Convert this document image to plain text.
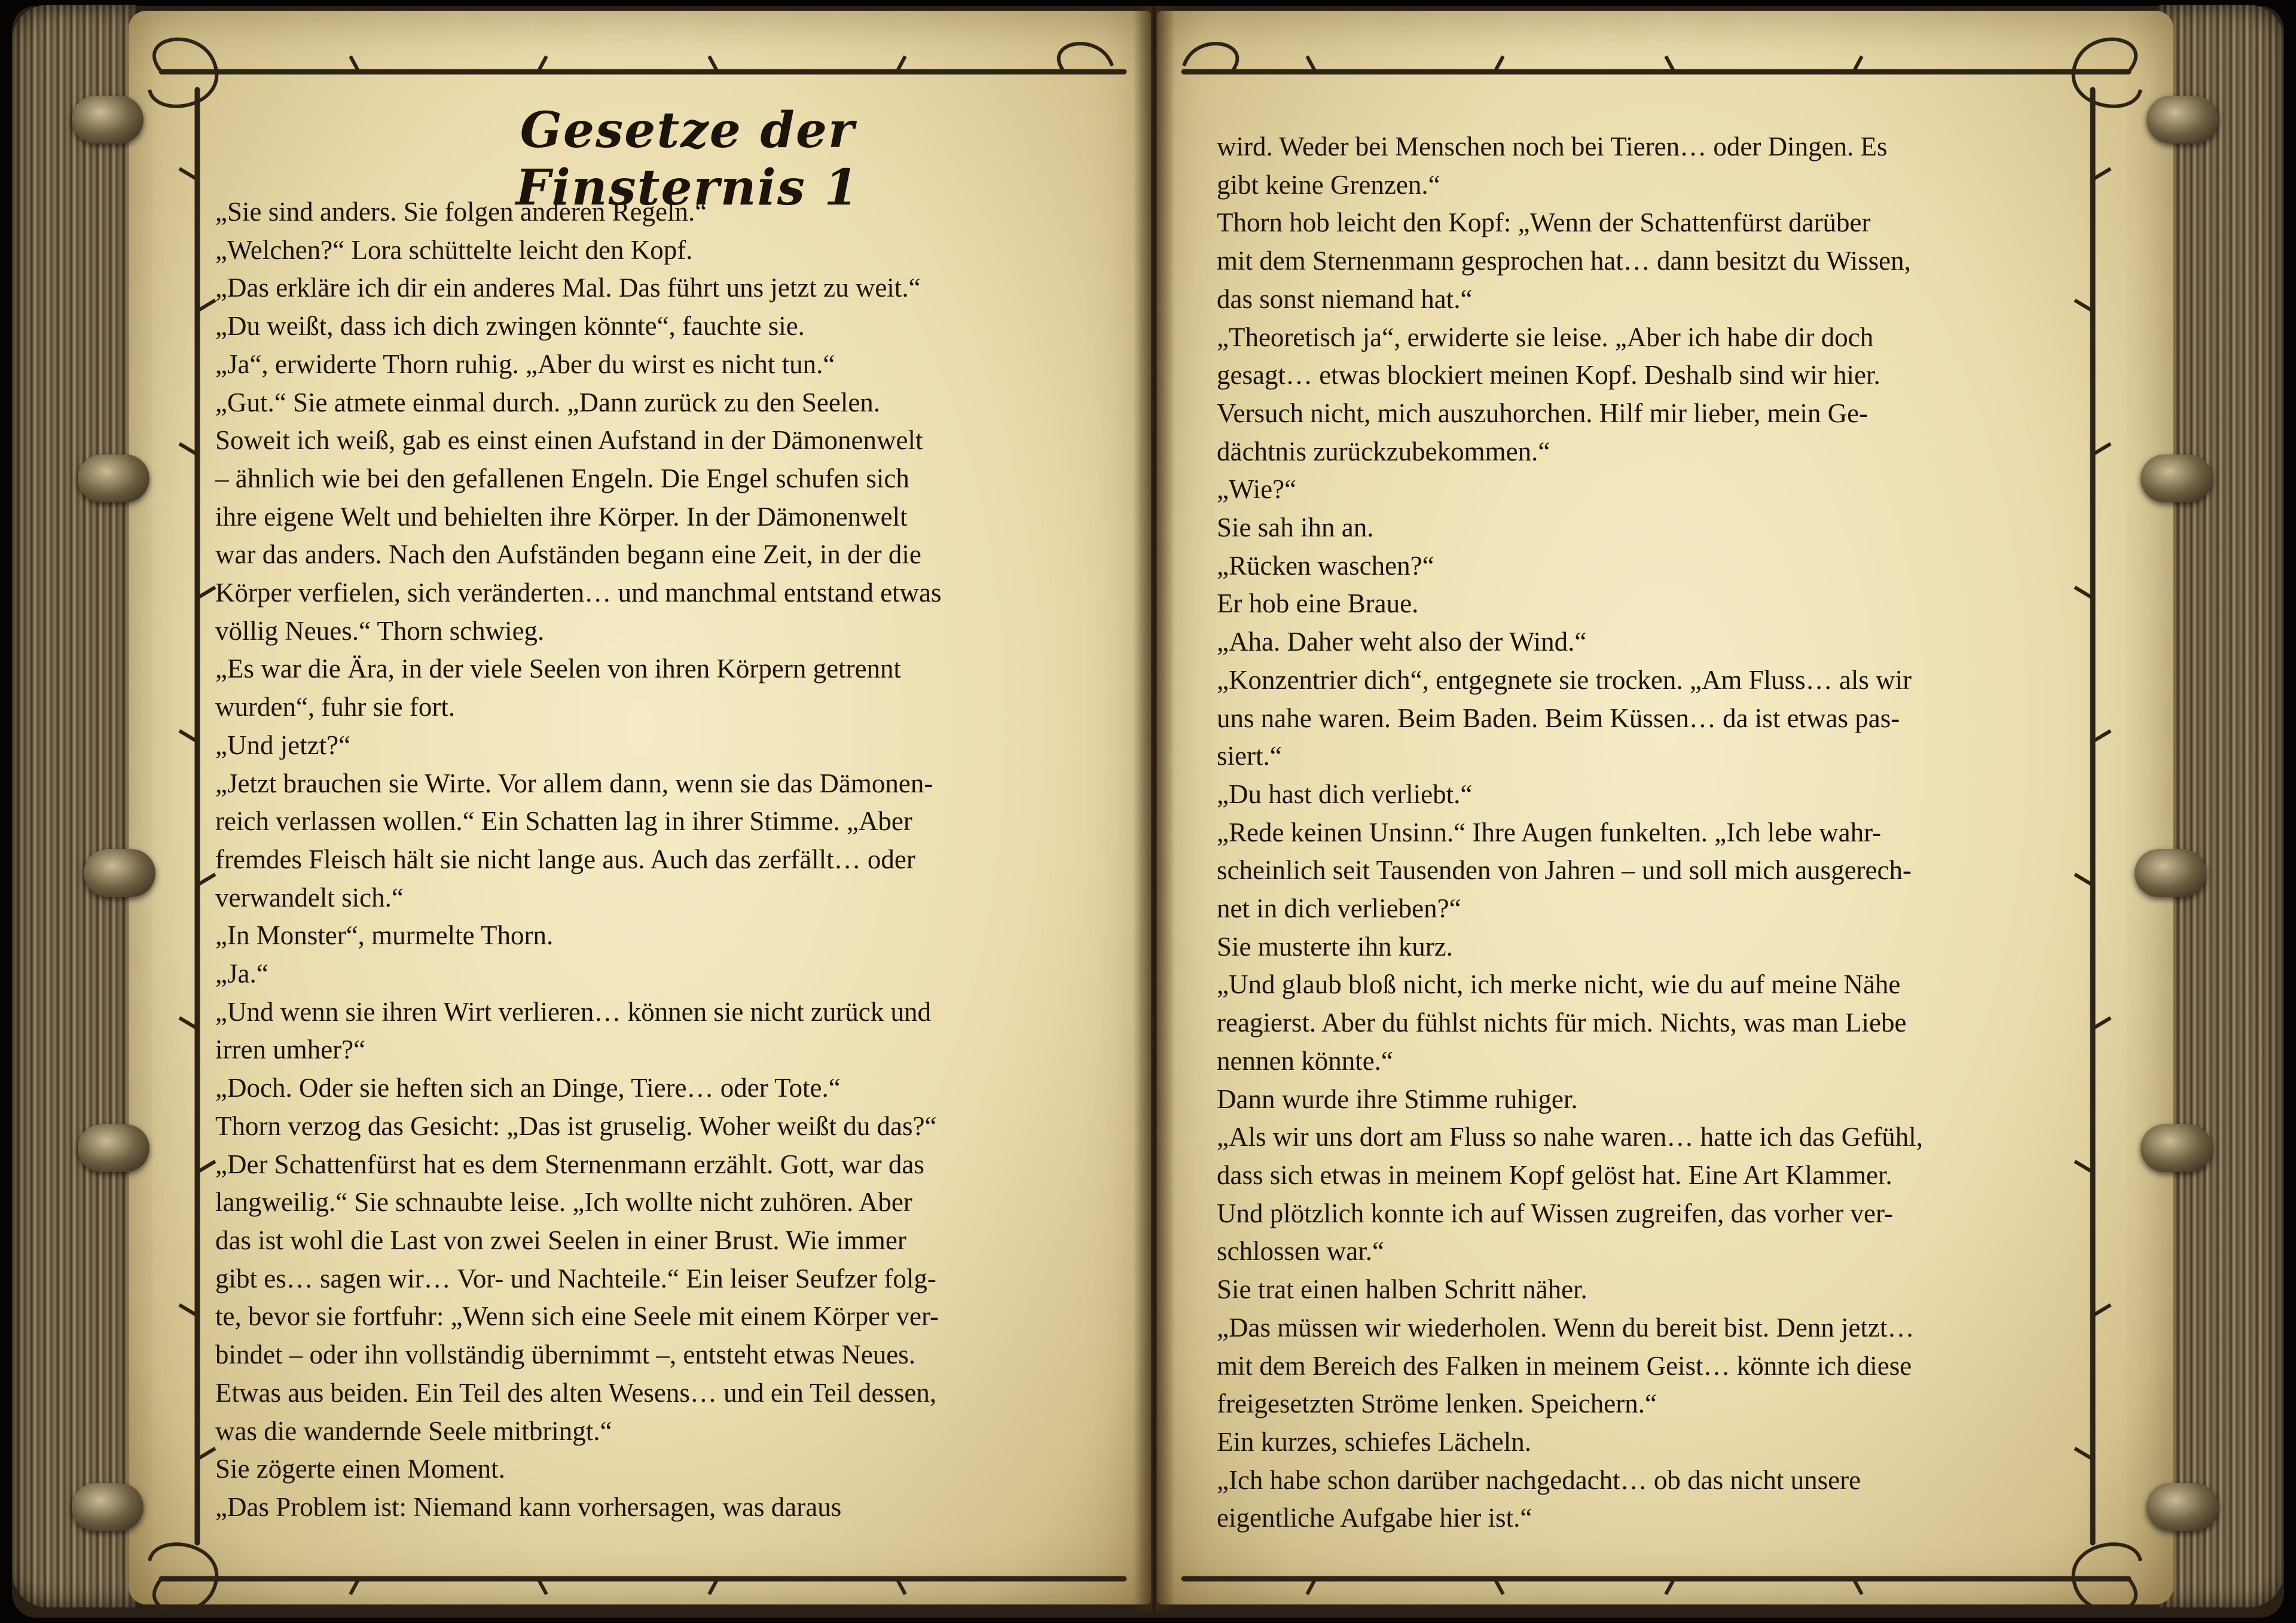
Gesetze der Finsternis 1
„Sie sind anders. Sie folgen anderen Regeln.“
„Welchen?“ Lora schüttelte leicht den Kopf.
„Das erkläre ich dir ein anderes Mal. Das führt uns jetzt zu weit.“
„Du weißt, dass ich dich zwingen könnte“, fauchte sie.
„Ja“, erwiderte Thorn ruhig. „Aber du wirst es nicht tun.“
„Gut.“ Sie atmete einmal durch. „Dann zurück zu den Seelen.
Soweit ich weiß, gab es einst einen Aufstand in der Dämonenwelt
– ähnlich wie bei den gefallenen Engeln. Die Engel schufen sich
ihre eigene Welt und behielten ihre Körper. In der Dämonenwelt
war das anders. Nach den Aufständen begann eine Zeit, in der die
Körper verfielen, sich veränderten… und manchmal entstand etwas
völlig Neues.“ Thorn schwieg.
„Es war die Ära, in der viele Seelen von ihren Körpern getrennt
wurden“, fuhr sie fort.
„Und jetzt?“
„Jetzt brauchen sie Wirte. Vor allem dann, wenn sie das Dämonen-
reich verlassen wollen.“ Ein Schatten lag in ihrer Stimme. „Aber
fremdes Fleisch hält sie nicht lange aus. Auch das zerfällt… oder
verwandelt sich.“
„In Monster“, murmelte Thorn.
„Ja.“
„Und wenn sie ihren Wirt verlieren… können sie nicht zurück und
irren umher?“
„Doch. Oder sie heften sich an Dinge, Tiere… oder Tote.“
Thorn verzog das Gesicht: „Das ist gruselig. Woher weißt du das?“
„Der Schattenfürst hat es dem Sternenmann erzählt. Gott, war das
langweilig.“ Sie schnaubte leise. „Ich wollte nicht zuhören. Aber
das ist wohl die Last von zwei Seelen in einer Brust. Wie immer
gibt es… sagen wir… Vor- und Nachteile.“ Ein leiser Seufzer folg-
te, bevor sie fortfuhr: „Wenn sich eine Seele mit einem Körper ver-
bindet – oder ihn vollständig übernimmt –, entsteht etwas Neues.
Etwas aus beiden. Ein Teil des alten Wesens… und ein Teil dessen,
was die wandernde Seele mitbringt.“
Sie zögerte einen Moment.
„Das Problem ist: Niemand kann vorhersagen, was daraus
wird. Weder bei Menschen noch bei Tieren… oder Dingen. Es
gibt keine Grenzen.“
Thorn hob leicht den Kopf: „Wenn der Schattenfürst darüber
mit dem Sternenmann gesprochen hat… dann besitzt du Wissen,
das sonst niemand hat.“
„Theoretisch ja“, erwiderte sie leise. „Aber ich habe dir doch
gesagt… etwas blockiert meinen Kopf. Deshalb sind wir hier.
Versuch nicht, mich auszuhorchen. Hilf mir lieber, mein Ge-
dächtnis zurückzubekommen.“
„Wie?“
Sie sah ihn an.
„Rücken waschen?“
Er hob eine Braue.
„Aha. Daher weht also der Wind.“
„Konzentrier dich“, entgegnete sie trocken. „Am Fluss… als wir
uns nahe waren. Beim Baden. Beim Küssen… da ist etwas pas-
siert.“
„Du hast dich verliebt.“
„Rede keinen Unsinn.“ Ihre Augen funkelten. „Ich lebe wahr-
scheinlich seit Tausenden von Jahren – und soll mich ausgerech-
net in dich verlieben?“
Sie musterte ihn kurz.
„Und glaub bloß nicht, ich merke nicht, wie du auf meine Nähe
reagierst. Aber du fühlst nichts für mich. Nichts, was man Liebe
nennen könnte.“
Dann wurde ihre Stimme ruhiger.
„Als wir uns dort am Fluss so nahe waren… hatte ich das Gefühl,
dass sich etwas in meinem Kopf gelöst hat. Eine Art Klammer.
Und plötzlich konnte ich auf Wissen zugreifen, das vorher ver-
schlossen war.“
Sie trat einen halben Schritt näher.
„Das müssen wir wiederholen. Wenn du bereit bist. Denn jetzt…
mit dem Bereich des Falken in meinem Geist… könnte ich diese
freigesetzten Ströme lenken. Speichern.“
Ein kurzes, schiefes Lächeln.
„Ich habe schon darüber nachgedacht… ob das nicht unsere
eigentliche Aufgabe hier ist.“
